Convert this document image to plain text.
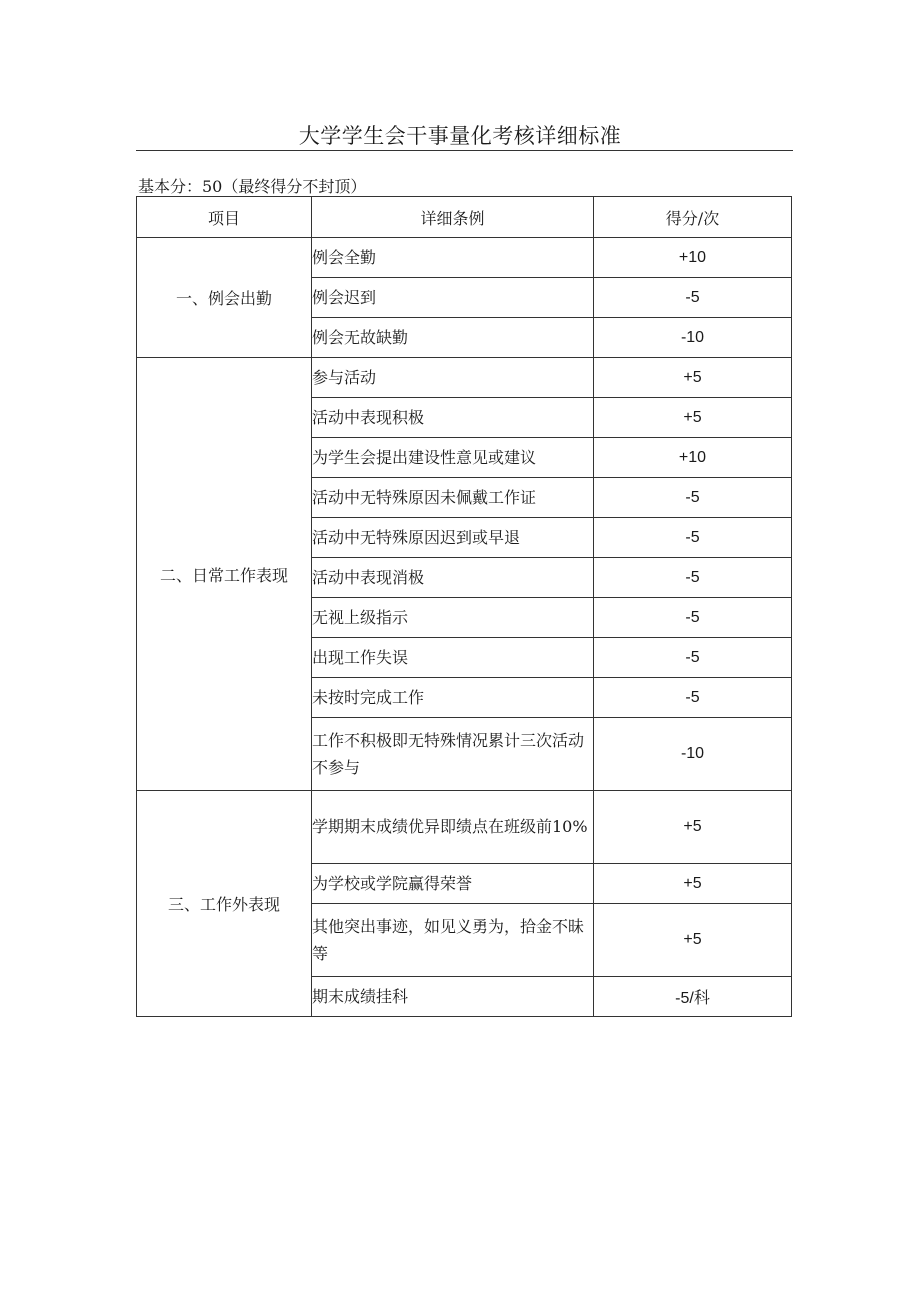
大学学生会干事量化考核详细标准
基本分：50（最终得分不封顶）
项目	详细条例	得分/次
一、例会出勤	例会全勤	+10
	例会迟到	-5
	例会无故缺勤	-10
二、日常工作表现	参与活动	+5
	活动中表现积极	+5
	为学生会提出建设性意见或建议	+10
	活动中无特殊原因未佩戴工作证	-5
	活动中无特殊原因迟到或早退	-5
	活动中表现消极	-5
	无视上级指示	-5
	出现工作失误	-5
	未按时完成工作	-5
	工作不积极即无特殊情况累计三次活动不参与	-10
三、工作外表现	学期期末成绩优异即绩点在班级前10%	+5
	为学校或学院赢得荣誉	+5
	其他突出事迹，如见义勇为，拾金不昧等	+5
	期末成绩挂科	-5/科
